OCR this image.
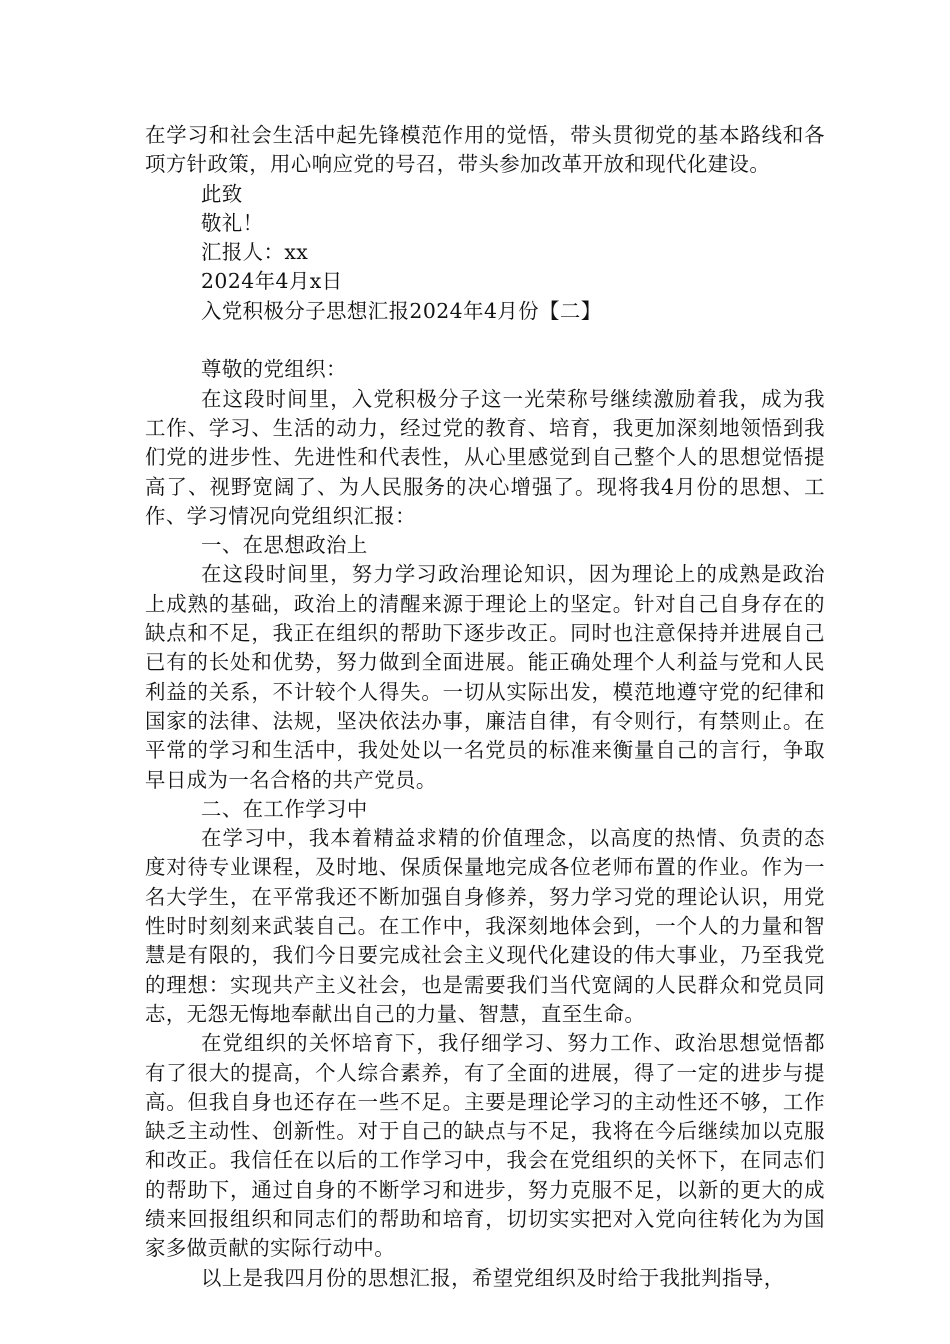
在学习和社会生活中起先锋模范作用的觉悟，带头贯彻党的基本路线和各项方针政策，用心响应党的号召，带头参加改革开放和现代化建设。

此致

敬礼！

汇报人：xx

2024年4月x日

入党积极分子思想汇报2024年4月份【二】

尊敬的党组织：

在这段时间里，入党积极分子这一光荣称号继续激励着我，成为我工作、学习、生活的动力，经过党的教育、培育，我更加深刻地领悟到我们党的进步性、先进性和代表性，从心里感觉到自己整个人的思想觉悟提高了、视野宽阔了、为人民服务的决心增强了。现将我4月份的思想、工作、学习情况向党组织汇报：

一、在思想政治上

在这段时间里，努力学习政治理论知识，因为理论上的成熟是政治上成熟的基础，政治上的清醒来源于理论上的坚定。针对自己自身存在的缺点和不足，我正在组织的帮助下逐步改正。同时也注意保持并进展自己已有的长处和优势，努力做到全面进展。能正确处理个人利益与党和人民利益的关系，不计较个人得失。一切从实际出发，模范地遵守党的纪律和国家的法律、法规，坚决依法办事，廉洁自律，有令则行，有禁则止。在平常的学习和生活中，我处处以一名党员的标准来衡量自己的言行，争取早日成为一名合格的共产党员。

二、在工作学习中

在学习中，我本着精益求精的价值理念，以高度的热情、负责的态度对待专业课程，及时地、保质保量地完成各位老师布置的作业。作为一名大学生，在平常我还不断加强自身修养，努力学习党的理论认识，用党性时时刻刻来武装自己。在工作中，我深刻地体会到，一个人的力量和智慧是有限的，我们今日要完成社会主义现代化建设的伟大事业，乃至我党的理想：实现共产主义社会，也是需要我们当代宽阔的人民群众和党员同志，无怨无悔地奉献出自己的力量、智慧，直至生命。

在党组织的关怀培育下，我仔细学习、努力工作、政治思想觉悟都有了很大的提高，个人综合素养，有了全面的进展，得了一定的进步与提高。但我自身也还存在一些不足。主要是理论学习的主动性还不够，工作缺乏主动性、创新性。对于自己的缺点与不足，我将在今后继续加以克服和改正。我信任在以后的工作学习中，我会在党组织的关怀下，在同志们的帮助下，通过自身的不断学习和进步，努力克服不足，以新的更大的成绩来回报组织和同志们的帮助和培育，切切实实把对入党向往转化为为国家多做贡献的实际行动中。

以上是我四月份的思想汇报，希望党组织及时给于我批判指导，
